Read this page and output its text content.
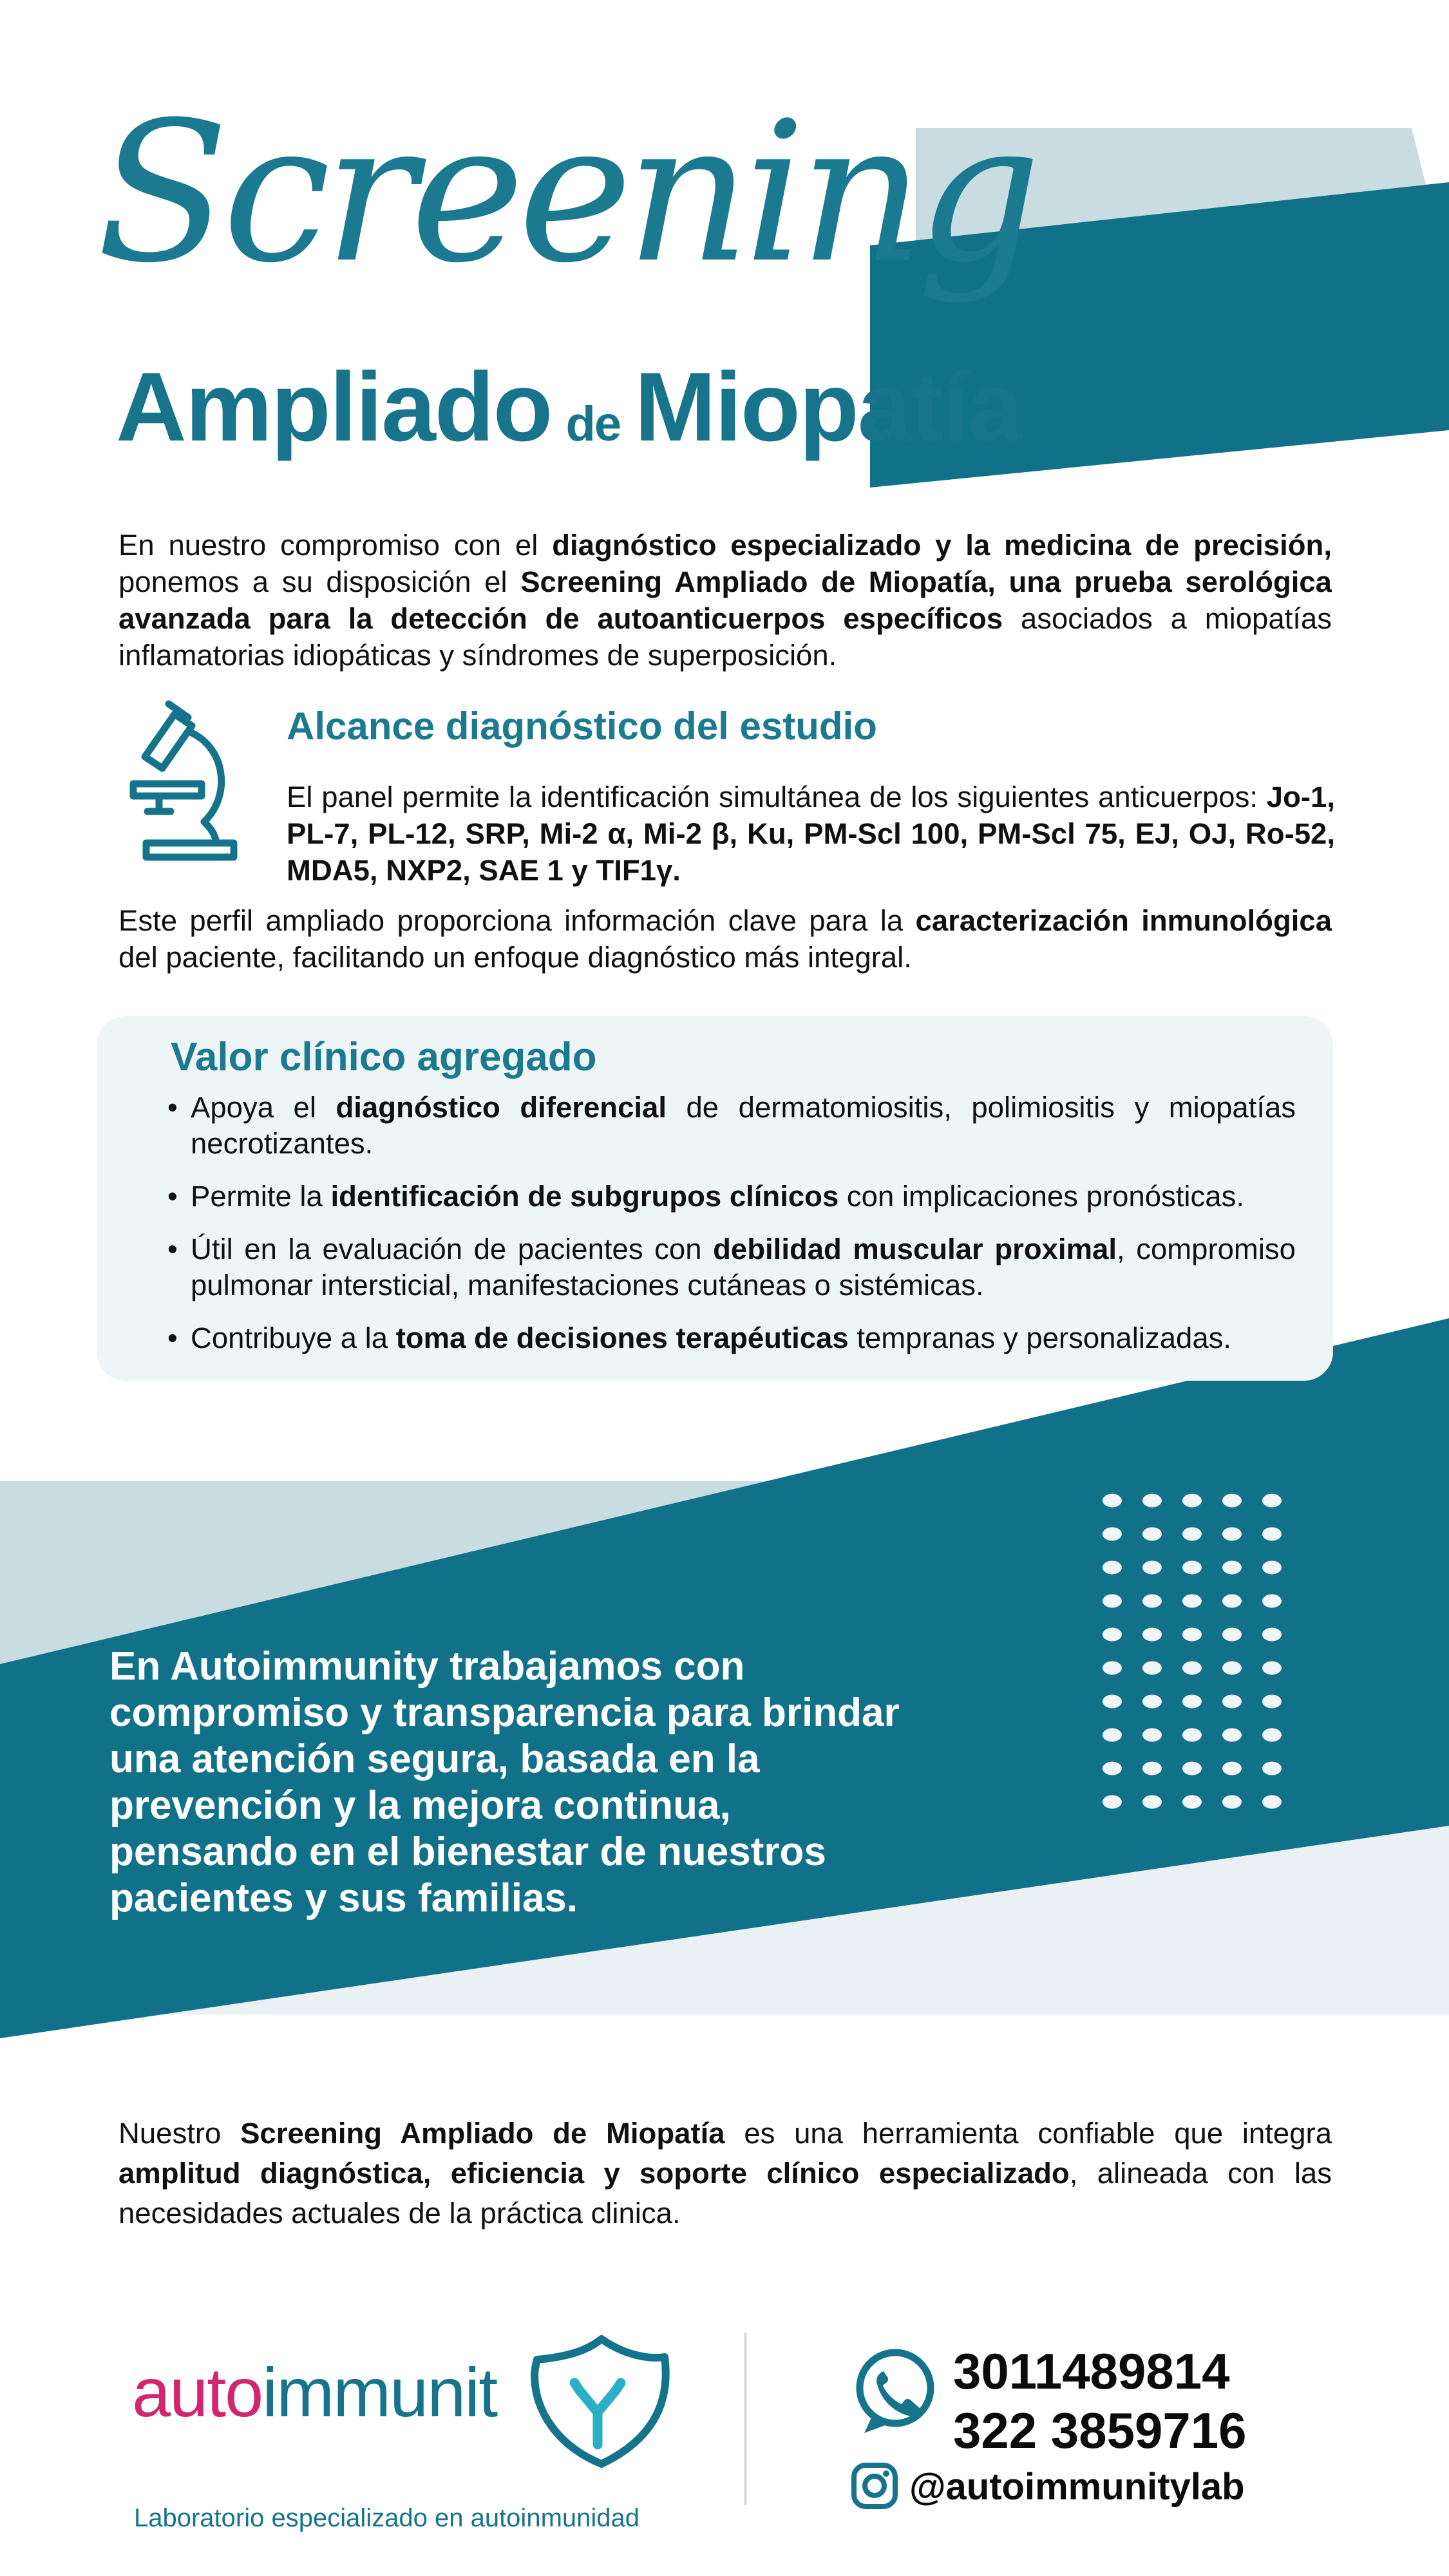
Screening
Ampliado de Miopatía

En nuestro compromiso con el diagnóstico especializado y la medicina de precisión, ponemos a su disposición el Screening Ampliado de Miopatía, una prueba serológica avanzada para la detección de autoanticuerpos específicos asociados a miopatías inflamatorias idiopáticas y síndromes de superposición.

Alcance diagnóstico del estudio

El panel permite la identificación simultánea de los siguientes anticuerpos: Jo-1, PL-7, PL-12, SRP, Mi-2 α, Mi-2 β, Ku, PM-Scl 100, PM-Scl 75, EJ, OJ, Ro-52, MDA5, NXP2, SAE 1 y TIF1γ.

Este perfil ampliado proporciona información clave para la caracterización inmunológica del paciente, facilitando un enfoque diagnóstico más integral.

Valor clínico agregado
• Apoya el diagnóstico diferencial de dermatomiositis, polimiositis y miopatías necrotizantes.
• Permite la identificación de subgrupos clínicos con implicaciones pronósticas.
• Útil en la evaluación de pacientes con debilidad muscular proximal, compromiso pulmonar intersticial, manifestaciones cutáneas o sistémicas.
• Contribuye a la toma de decisiones terapéuticas tempranas y personalizadas.
En Autoimmunity trabajamos con
compromiso y transparencia para brindar
una atención segura, basada en la
prevención y la mejora continua,
pensando en el bienestar de nuestros
pacientes y sus familias.

Nuestro Screening Ampliado de Miopatía es una herramienta confiable que integra amplitud diagnóstica, eficiencia y soporte clínico especializado, alineada con las necesidades actuales de la práctica clinica.

autoimmunit
Laboratorio especializado en autoinmunidad
3011489814
322 3859716
@autoimmunitylab
